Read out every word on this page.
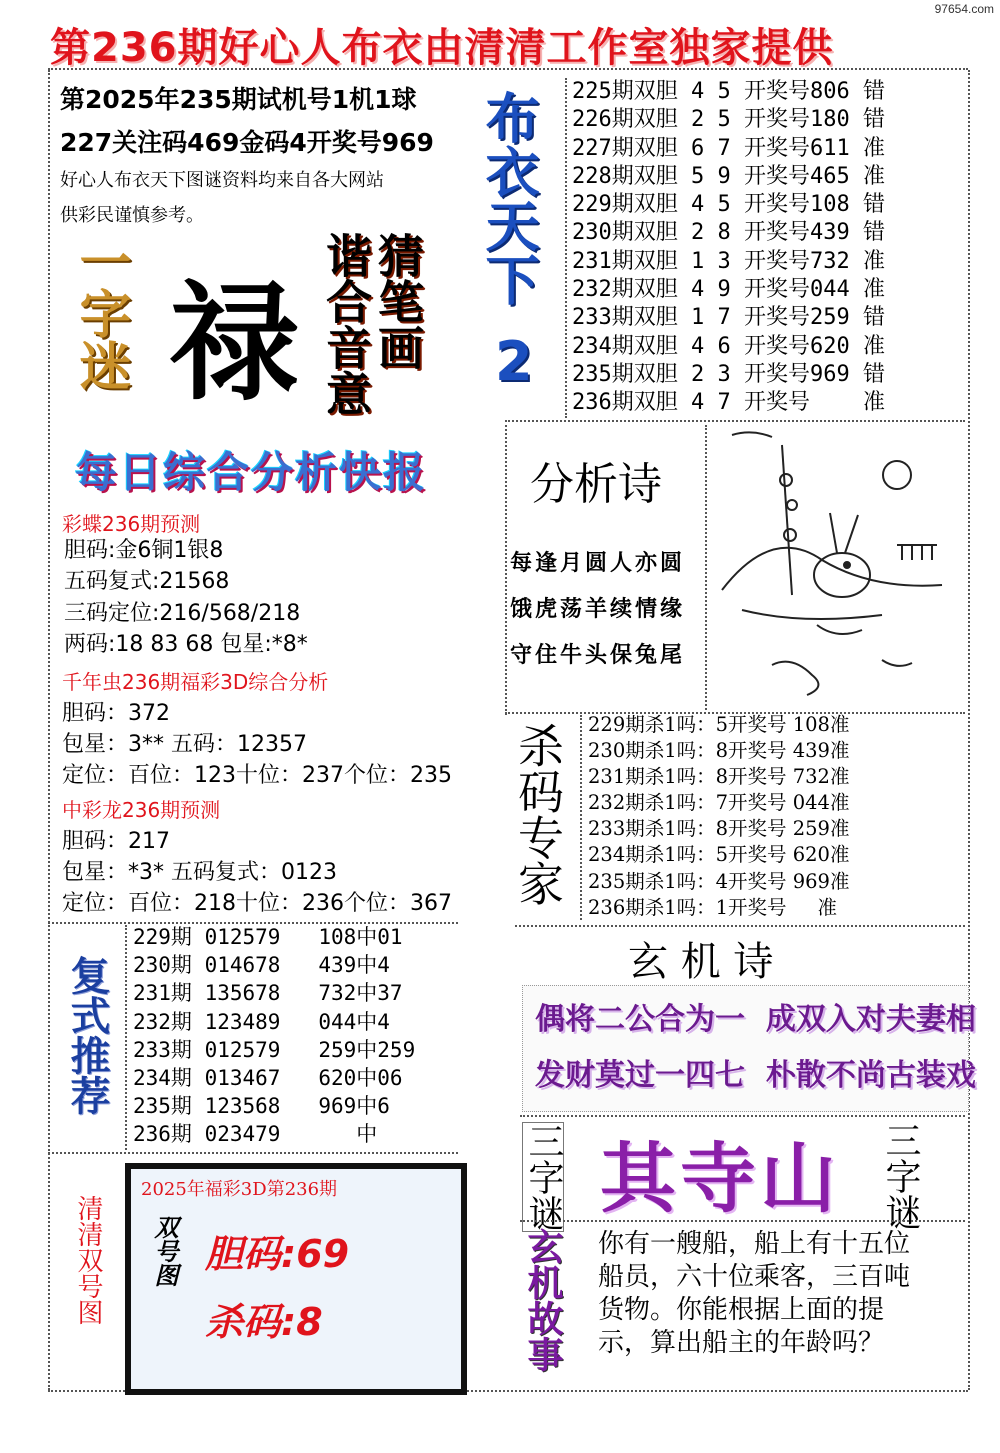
97654.com
第236期好心人布衣由清清工作室独家提供
第2025年235期试机号1机1球
227关注码469金码4开奖号969
好心人布衣天下图谜资料均来自各大网站
供彩民谨慎参考。	布衣天下
2
一字迷 禄 猜笔画
谐合音意
每日综合分析快报
彩蝶236期预测
胆码:金6铜1银8
五码复式:21568
三码定位:216/568/218
两码:18 83 68 包星:*8*
千年虫236期福彩3D综合分析
胆码：372
包星：3** 五码：12357
定位：百位：123十位：237个位：235
中彩龙236期预测
胆码：217
包星：*3* 五码复式：0123
定位：百位：218十位：236个位：367
225期双胆 4 5 开奖号806 错
226期双胆 2 5 开奖号180 错
227期双胆 6 7 开奖号611 准
228期双胆 5 9 开奖号465 准
229期双胆 4 5 开奖号108 错
230期双胆 2 8 开奖号439 错
231期双胆 1 3 开奖号732 准
232期双胆 4 9 开奖号044 准
233期双胆 1 7 开奖号259 错
234期双胆 4 6 开奖号620 准
235期双胆 2 3 开奖号969 错
236期双胆 4 7 开奖号    准
分析诗
每逢月圆人亦圆
饿虎荡羊续情缘
守住牛头保兔尾
杀码专家 229期杀1吗：5开奖号 108准
230期杀1吗：8开奖号 439准
231期杀1吗：8开奖号 732准
232期杀1吗：7开奖号 044准
233期杀1吗：8开奖号 259准
234期杀1吗：5开奖号 620准
235期杀1吗：4开奖号 969准
236期杀1吗：1开奖号     准
复式推荐
229期 012579   108中01
230期 014678   439中4
231期 135678   732中37
232期 123489   044中4
233期 012579   259中259
234期 013467   620中06
235期 123568   969中6
236期 023479      中
玄 机 诗
偶将二公合为一  成双入对夫妻相
发财莫过一四七  朴散不尚古装戏
清清双号图
2025年福彩3D第236期
双号图 胆码:69
杀码:8
三字谜 其寺山 三字谜
玄机故事 你有一艘船，船上有十五位船员，六十位乘客，三百吨货物。你能根据上面的提示，算出船主的年龄吗？
